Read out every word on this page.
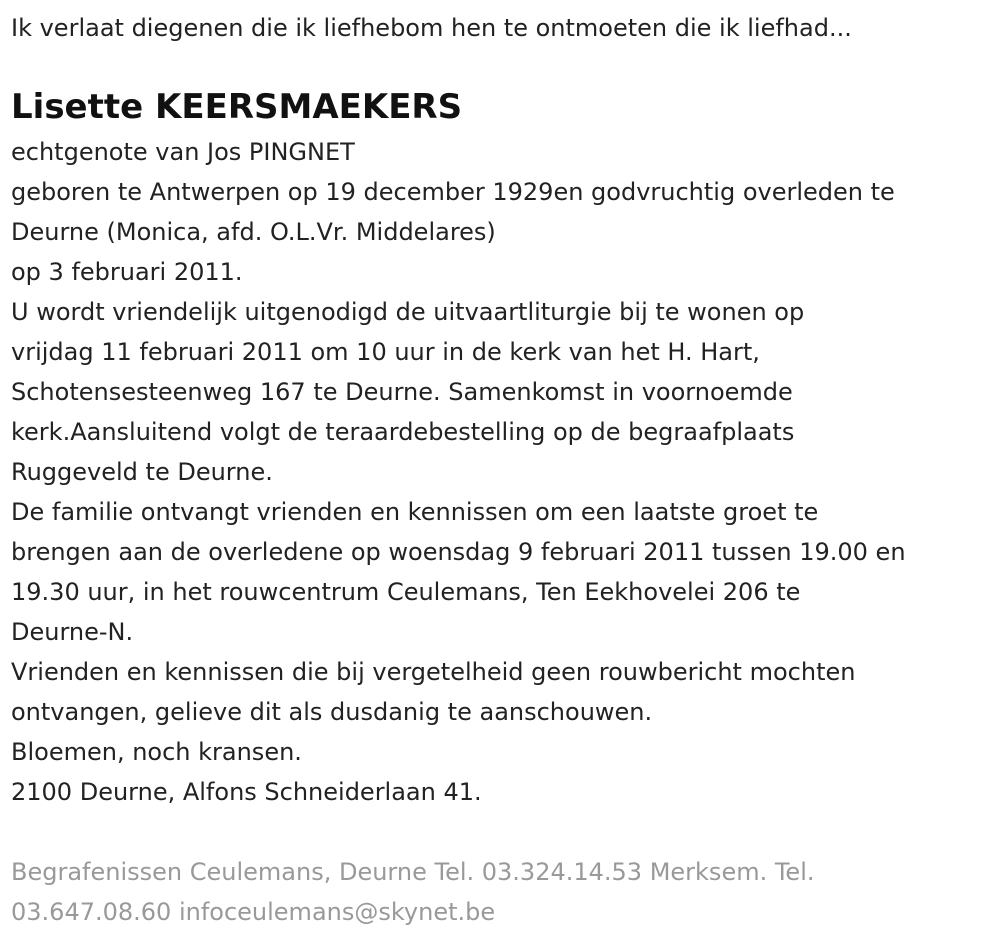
Ik verlaat diegenen die ik liefhebom hen te ontmoeten die ik liefhad...

Lisette KEERSMAEKERS

echtgenote van Jos PINGNET

geboren te Antwerpen op 19 december 1929en godvruchtig overleden te

Deurne (Monica, afd. O.L.Vr. Middelares)

op 3 februari 2011.

U wordt vriendelijk uitgenodigd de uitvaartliturgie bij te wonen op

vrijdag 11 februari 2011 om 10 uur in de kerk van het H. Hart,

Schotensesteenweg 167 te Deurne. Samenkomst in voornoemde

kerk.Aansluitend volgt de teraardebestelling op de begraafplaats

Ruggeveld te Deurne.

De familie ontvangt vrienden en kennissen om een laatste groet te

brengen aan de overledene op woensdag 9 februari 2011 tussen 19.00 en

19.30 uur, in het rouwcentrum Ceulemans, Ten Eekhovelei 206 te

Deurne-N.

Vrienden en kennissen die bij vergetelheid geen rouwbericht mochten

ontvangen, gelieve dit als dusdanig te aanschouwen.

Bloemen, noch kransen.

2100 Deurne, Alfons Schneiderlaan 41.

Begrafenissen Ceulemans, Deurne Tel. 03.324.14.53 Merksem. Tel.

03.647.08.60 infoceulemans@skynet.be
